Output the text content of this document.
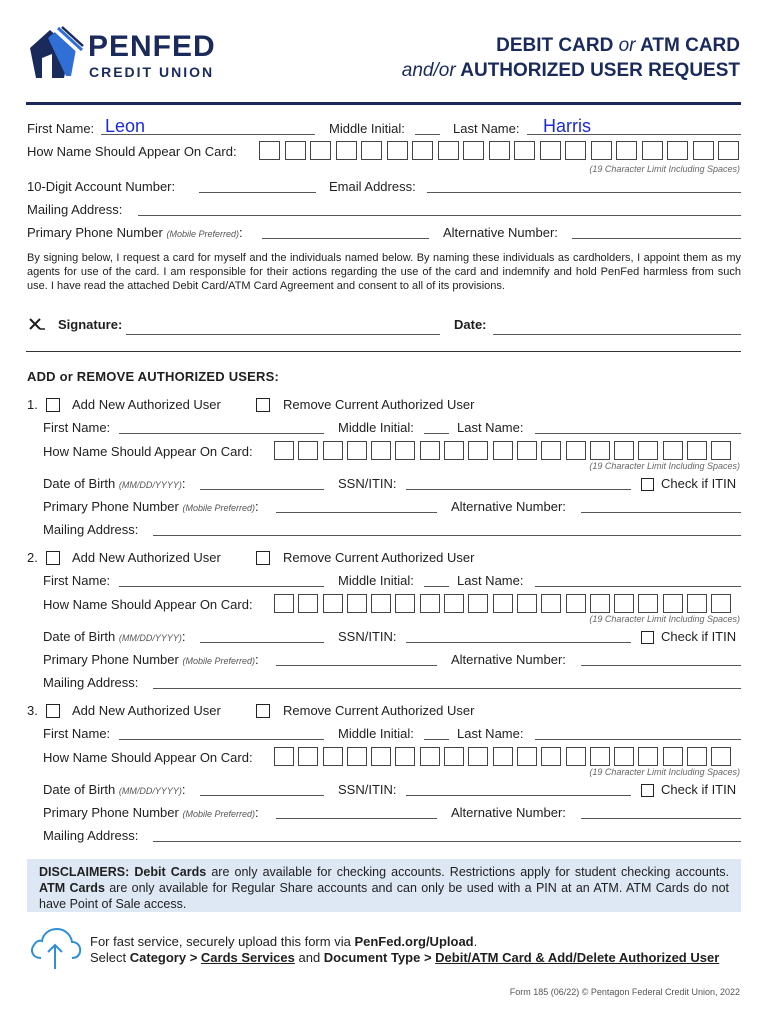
PENFED
CREDIT UNION
DEBIT CARD or ATM CARD
and/or AUTHORIZED USER REQUEST
First Name: Leon	Middle Initial:	Last Name: Harris
How Name Should Appear On Card:
(19 Character Limit Including Spaces)
10-Digit Account Number:	Email Address:
Mailing Address:
Primary Phone Number (Mobile Preferred):	Alternative Number:
By signing below, I request a card for myself and the individuals named below. By naming these individuals as cardholders, I appoint them as my agents for use of the card. I am responsible for their actions regarding the use of the card and indemnify and hold PenFed harmless from such use. I have read the attached Debit Card/ATM Card Agreement and consent to all of its provisions.
Signature:	Date:
ADD or REMOVE AUTHORIZED USERS:
1.	Add New Authorized User	Remove Current Authorized User
First Name:	Middle Initial:	Last Name:
How Name Should Appear On Card:
(19 Character Limit Including Spaces)
Date of Birth (MM/DD/YYYY):	SSN/ITIN:	Check if ITIN
Primary Phone Number (Mobile Preferred):	Alternative Number:
Mailing Address:
2.	Add New Authorized User	Remove Current Authorized User
First Name:	Middle Initial:	Last Name:
How Name Should Appear On Card:
(19 Character Limit Including Spaces)
Date of Birth (MM/DD/YYYY):	SSN/ITIN:	Check if ITIN
Primary Phone Number (Mobile Preferred):	Alternative Number:
Mailing Address:
3.	Add New Authorized User	Remove Current Authorized User
First Name:	Middle Initial:	Last Name:
How Name Should Appear On Card:
(19 Character Limit Including Spaces)
Date of Birth (MM/DD/YYYY):	SSN/ITIN:	Check if ITIN
Primary Phone Number (Mobile Preferred):	Alternative Number:
Mailing Address:
DISCLAIMERS: Debit Cards are only available for checking accounts. Restrictions apply for student checking accounts. ATM Cards are only available for Regular Share accounts and can only be used with a PIN at an ATM. ATM Cards do not have Point of Sale access.
For fast service, securely upload this form via PenFed.org/Upload.
Select Category > Cards Services and Document Type > Debit/ATM Card & Add/Delete Authorized User
Form 185 (06/22) © Pentagon Federal Credit Union, 2022
